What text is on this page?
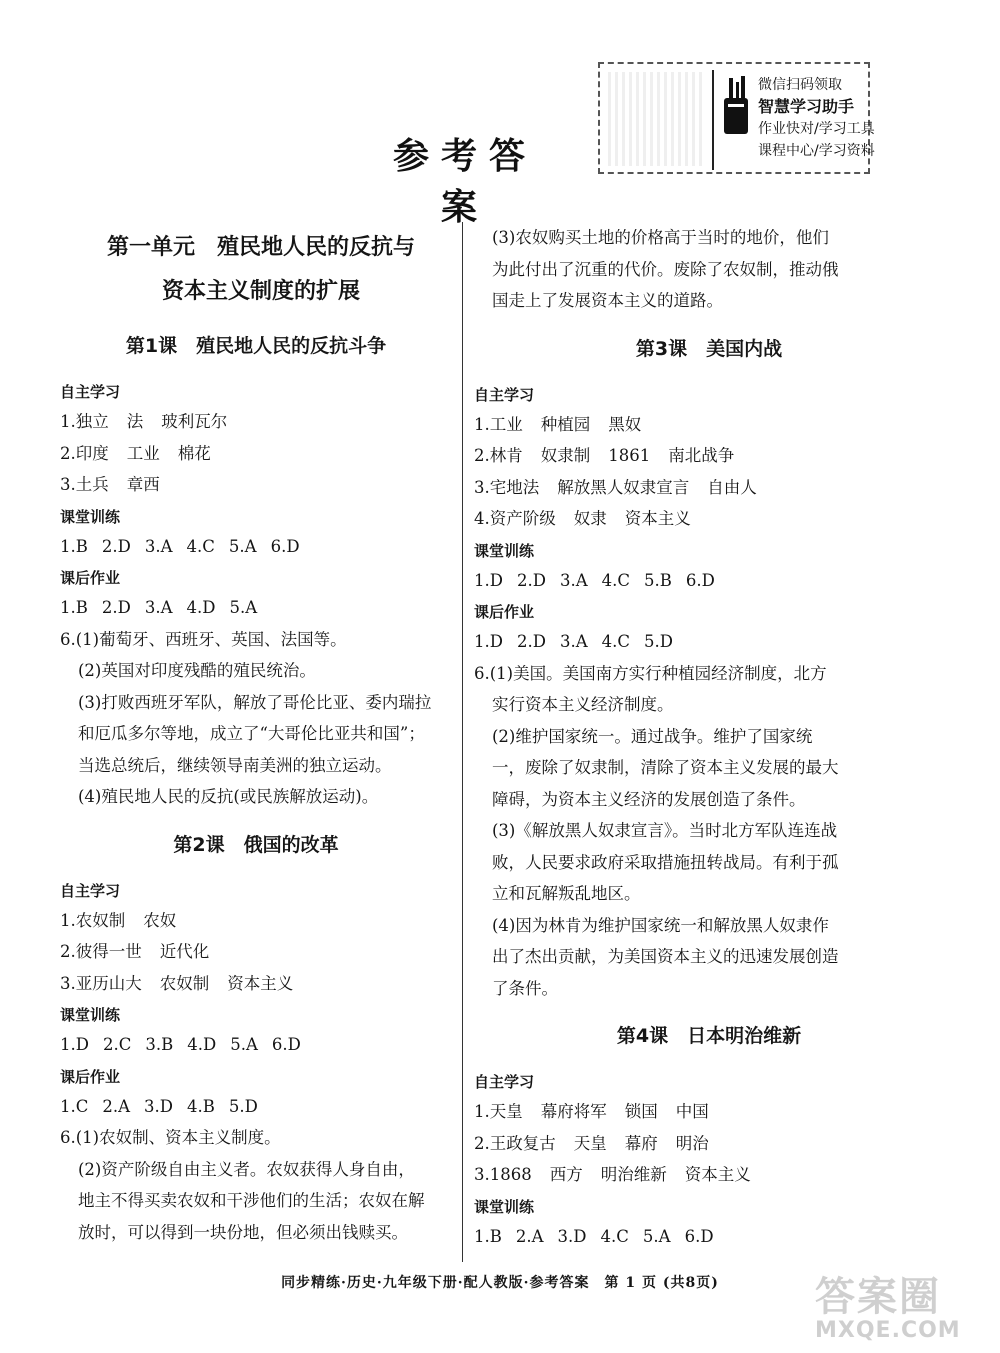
参考答案
微信扫码领取
智慧学习助手
作业快对/学习工具
课程中心/学习资料
第一单元　殖民地人民的反抗与
资本主义制度的扩展
第1课　殖民地人民的反抗斗争
自主学习
1.独立 法 玻利瓦尔
2.印度 工业 棉花
3.土兵 章西
课堂训练
1.B 2.D 3.A 4.C 5.A 6.D
课后作业
1.B 2.D 3.A 4.D 5.A
6.(1)葡萄牙、西班牙、英国、法国等。
(2)英国对印度残酷的殖民统治。
(3)打败西班牙军队，解放了哥伦比亚、委内瑞拉
和厄瓜多尔等地，成立了“大哥伦比亚共和国”；
当选总统后，继续领导南美洲的独立运动。
(4)殖民地人民的反抗(或民族解放运动)。
第2课　俄国的改革
自主学习
1.农奴制 农奴
2.彼得一世 近代化
3.亚历山大 农奴制 资本主义
课堂训练
1.D 2.C 3.B 4.D 5.A 6.D
课后作业
1.C 2.A 3.D 4.B 5.D
6.(1)农奴制、资本主义制度。
(2)资产阶级自由主义者。农奴获得人身自由，
地主不得买卖农奴和干涉他们的生活；农奴在解
放时，可以得到一块份地，但必须出钱赎买。
(3)农奴购买土地的价格高于当时的地价，他们
为此付出了沉重的代价。废除了农奴制，推动俄
国走上了发展资本主义的道路。
第3课　美国内战
自主学习
1.工业 种植园 黑奴
2.林肯 奴隶制 1861 南北战争
3.宅地法 解放黑人奴隶宣言 自由人
4.资产阶级 奴隶 资本主义
课堂训练
1.D 2.D 3.A 4.C 5.B 6.D
课后作业
1.D 2.D 3.A 4.C 5.D
6.(1)美国。美国南方实行种植园经济制度，北方
实行资本主义经济制度。
(2)维护国家统一。通过战争。维护了国家统
一，废除了奴隶制，清除了资本主义发展的最大
障碍，为资本主义经济的发展创造了条件。
(3)《解放黑人奴隶宣言》。当时北方军队连连战
败，人民要求政府采取措施扭转战局。有利于孤
立和瓦解叛乱地区。
(4)因为林肯为维护国家统一和解放黑人奴隶作
出了杰出贡献，为美国资本主义的迅速发展创造
了条件。
第4课　日本明治维新
自主学习
1.天皇 幕府将军 锁国 中国
2.王政复古 天皇 幕府 明治
3.1868 西方 明治维新 资本主义
课堂训练
1.B 2.A 3.D 4.C 5.A 6.D
同步精练·历史·九年级下册·配人教版·参考答案　第 1 页 (共8页)	答案圈
MXQE.COM
